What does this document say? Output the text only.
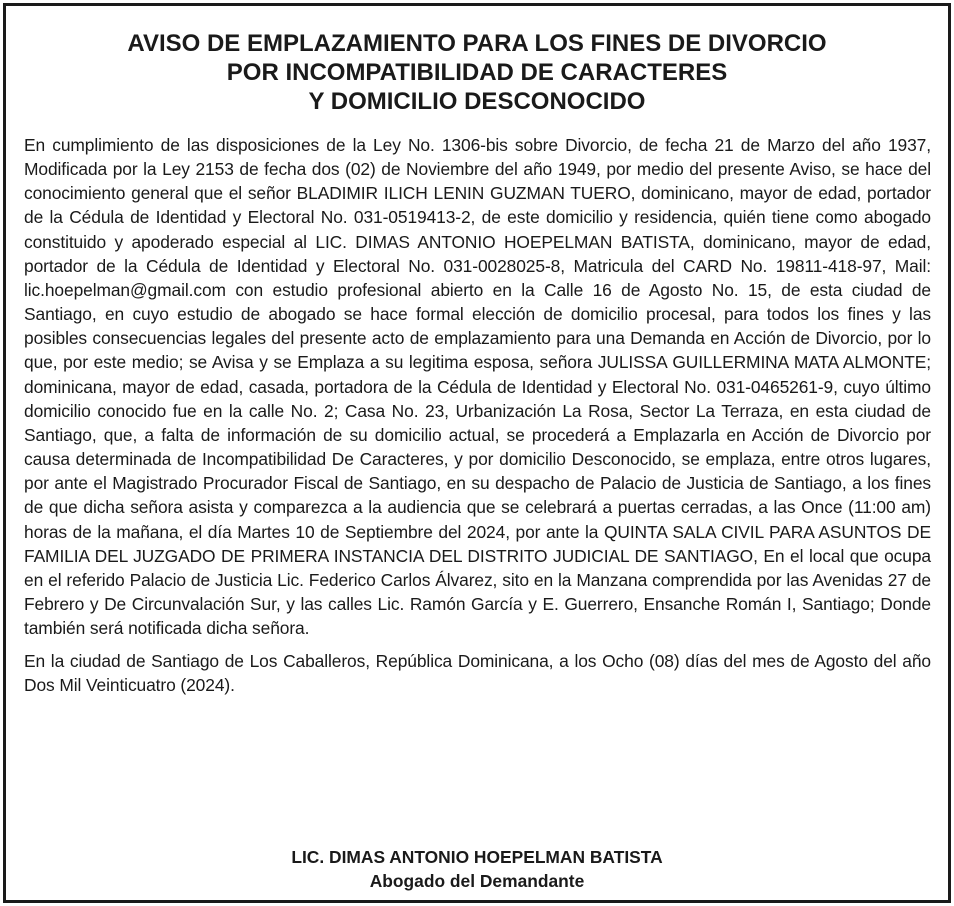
AVISO DE EMPLAZAMIENTO PARA LOS FINES DE DIVORCIO
POR INCOMPATIBILIDAD DE CARACTERES
Y DOMICILIO DESCONOCIDO

En cumplimiento de las disposiciones de la Ley No. 1306-bis sobre Divorcio, de fecha 21 de Marzo del año 1937, Modificada por la Ley 2153 de fecha dos (02) de Noviembre del año 1949, por medio del presente Aviso, se hace del conocimiento general que el señor BLADIMIR ILICH LENIN GUZMAN TUERO, dominicano, mayor de edad, portador de la Cédula de Identidad y Electoral No. 031-0519413-2, de este domicilio y residencia, quién tiene como abogado constituido y apoderado especial al LIC. DIMAS ANTONIO HOEPELMAN BATISTA, dominicano, mayor de edad, portador de la Cédula de Identidad y Electoral No. 031-0028025-8, Matricula del CARD No. 19811-418-97, Mail: lic.hoepelman@gmail.com con estudio profesional abierto en la Calle 16 de Agosto No. 15, de esta ciudad de Santiago, en cuyo estudio de abogado se hace formal elección de domicilio procesal, para todos los fines y las posibles consecuencias legales del presente acto de emplazamiento para una Demanda en Acción de Divorcio, por lo que, por este medio; se Avisa y se Emplaza a su legitima esposa, señora JULISSA GUILLERMINA MATA ALMONTE; dominicana, mayor de edad, casada, portadora de la Cédula de Identidad y Electoral No. 031-0465261-9, cuyo último domicilio conocido fue en la calle No. 2; Casa No. 23, Urbanización La Rosa, Sector La Terraza, en esta ciudad de Santiago, que, a falta de información de su domicilio actual, se procederá a Emplazarla en Acción de Divorcio por causa determinada de Incompatibilidad De Caracteres, y por domicilio Desconocido, se emplaza, entre otros lugares, por ante el Magistrado Procurador Fiscal de Santiago, en su despacho de Palacio de Justicia de Santiago, a los fines de que dicha señora asista y comparezca a la audiencia que se celebrará a puertas cerradas, a las Once (11:00 am) horas de la mañana, el día Martes 10 de Septiembre del 2024, por ante la QUINTA SALA CIVIL PARA ASUNTOS DE FAMILIA DEL JUZGADO DE PRIMERA INSTANCIA DEL DISTRITO JUDICIAL DE SANTIAGO, En el local que ocupa en el referido Palacio de Justicia Lic. Federico Carlos Álvarez, sito en la Manzana comprendida por las Avenidas 27 de Febrero y De Circunvalación Sur, y las calles Lic. Ramón García y E. Guerrero, Ensanche Román I, Santiago; Donde también será notificada dicha señora.

En la ciudad de Santiago de Los Caballeros, República Dominicana, a los Ocho (08) días del mes de Agosto del año Dos Mil Veinticuatro (2024).

LIC. DIMAS ANTONIO HOEPELMAN BATISTA
Abogado del Demandante
